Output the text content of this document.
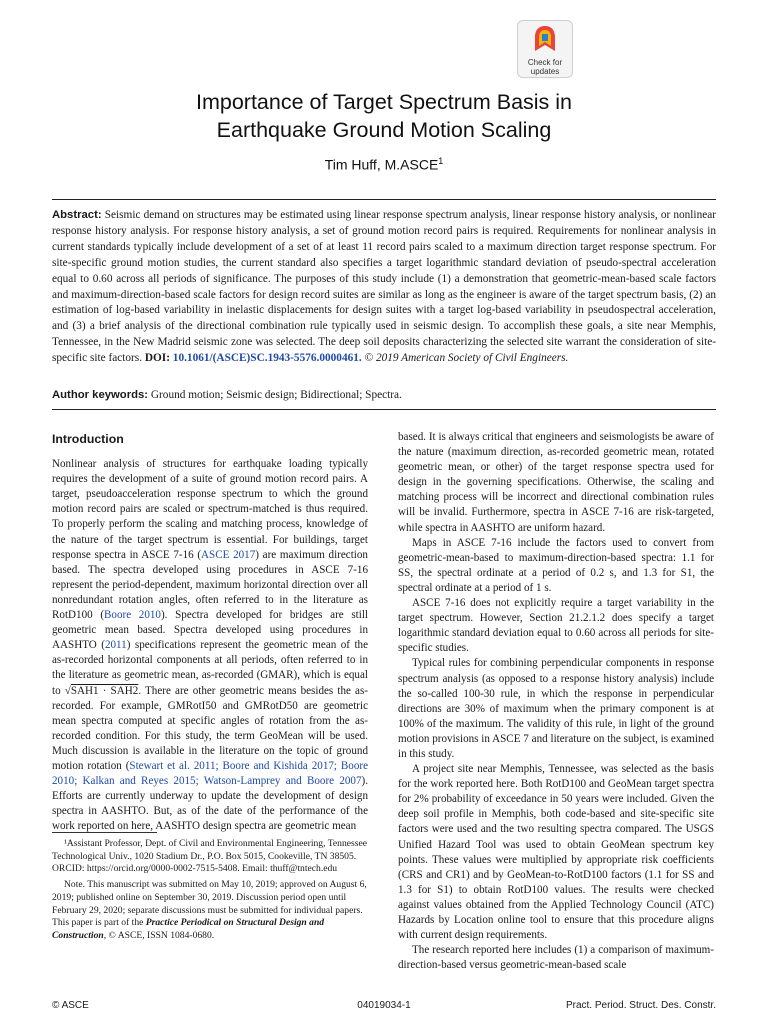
Check for
updates
Importance of Target Spectrum Basis in
Earthquake Ground Motion Scaling
Tim Huff, M.ASCE$^1$
Abstract: Seismic demand on structures may be estimated using linear response spectrum analysis, linear response history analysis, or nonlinear response history analysis. For response history analysis, a set of ground motion record pairs is required. Requirements for nonlinear analysis in current standards typically include development of a set of at least 11 record pairs scaled to a maximum direction target response spectrum. For site-specific ground motion studies, the current standard also specifies a target logarithmic standard deviation of pseudo-spectral acceleration equal to 0.60 across all periods of significance. The purposes of this study include (1) a demonstration that geometric-mean-based scale factors and maximum-direction-based scale factors for design record suites are similar as long as the engineer is aware of the target spectrum basis, (2) an estimation of log-based variability in inelastic displacements for design suites with a target log-based variability in pseudospectral acceleration, and (3) a brief analysis of the directional combination rule typically used in seismic design. To accomplish these goals, a site near Memphis, Tennessee, in the New Madrid seismic zone was selected. The deep soil deposits characterizing the selected site warrant the consideration of site-specific site factors. DOI: 10.1061/(ASCE)SC.1943-5576.0000461. © 2019 American Society of Civil Engineers.
Author keywords: Ground motion; Seismic design; Bidirectional; Spectra.
Introduction

Nonlinear analysis of structures for earthquake loading typically requires the development of a suite of ground motion record pairs. A target, pseudoacceleration response spectrum to which the ground motion record pairs are scaled or spectrum-matched is thus required. To properly perform the scaling and matching process, knowledge of the nature of the target spectrum is essential. For buildings, target response spectra in ASCE 7-16 (ASCE 2017) are maximum direction based. The spectra developed using procedures in ASCE 7-16 represent the period-dependent, maximum horizontal direction over all nonredundant rotation angles, often referred to in the literature as RotD100 (Boore 2010). Spectra developed for bridges are still geometric mean based. Spectra developed using procedures in AASHTO (2011) specifications represent the geometric mean of the as-recorded horizontal components at all periods, often referred to in the literature as geometric mean, as-recorded (GMAR), which is equal to √SAH1 · SAH2. There are other geometric means besides the as-recorded. For example, GMRotI50 and GMRotD50 are geometric mean spectra computed at specific angles of rotation from the as-recorded condition. For this study, the term GeoMean will be used. Much discussion is available in the literature on the topic of ground motion rotation (Stewart et al. 2011; Boore and Kishida 2017; Boore 2010; Kalkan and Reyes 2015; Watson-Lamprey and Boore 2007). Efforts are currently underway to update the development of design spectra in AASHTO. But, as of the date of the performance of the work reported on here, AASHTO design spectra are geometric mean

¹Assistant Professor, Dept. of Civil and Environmental Engineering, Tennessee Technological Univ., 1020 Stadium Dr., P.O. Box 5015, Cookeville, TN 38505. ORCID: https://orcid.org/0000-0002-7515-5408. Email: thuff@tntech.edu

Note. This manuscript was submitted on May 10, 2019; approved on August 6, 2019; published online on September 30, 2019. Discussion period open until February 29, 2020; separate discussions must be submitted for individual papers. This paper is part of the Practice Periodical on Structural Design and Construction, © ASCE, ISSN 1084-0680.

based. It is always critical that engineers and seismologists be aware of the nature (maximum direction, as-recorded geometric mean, rotated geometric mean, or other) of the target response spectra used for design in the governing specifications. Otherwise, the scaling and matching process will be incorrect and directional combination rules will be invalid. Furthermore, spectra in ASCE 7-16 are risk-targeted, while spectra in AASHTO are uniform hazard.

Maps in ASCE 7-16 include the factors used to convert from geometric-mean-based to maximum-direction-based spectra: 1.1 for SS, the spectral ordinate at a period of 0.2 s, and 1.3 for S1, the spectral ordinate at a period of 1 s.

ASCE 7-16 does not explicitly require a target variability in the target spectrum. However, Section 21.2.1.2 does specify a target logarithmic standard deviation equal to 0.60 across all periods for site-specific studies.

Typical rules for combining perpendicular components in response spectrum analysis (as opposed to a response history analysis) include the so-called 100-30 rule, in which the response in perpendicular directions are 30% of maximum when the primary component is at 100% of the maximum. The validity of this rule, in light of the ground motion provisions in ASCE 7 and literature on the subject, is examined in this study.

A project site near Memphis, Tennessee, was selected as the basis for the work reported here. Both RotD100 and GeoMean target spectra for 2% probability of exceedance in 50 years were included. Given the deep soil profile in Memphis, both code-based and site-specific site factors were used and the two resulting spectra compared. The USGS Unified Hazard Tool was used to obtain GeoMean spectrum key points. These values were multiplied by appropriate risk coefficients (CRS and CR1) and by GeoMean-to-RotD100 factors (1.1 for SS and 1.3 for S1) to obtain RotD100 values. The results were checked against values obtained from the Applied Technology Council (ATC) Hazards by Location online tool to ensure that this procedure aligns with current design requirements.

The research reported here includes (1) a comparison of maximum-direction-based versus geometric-mean-based scale

© ASCE	04019034-1	Pract. Period. Struct. Des. Constr.
